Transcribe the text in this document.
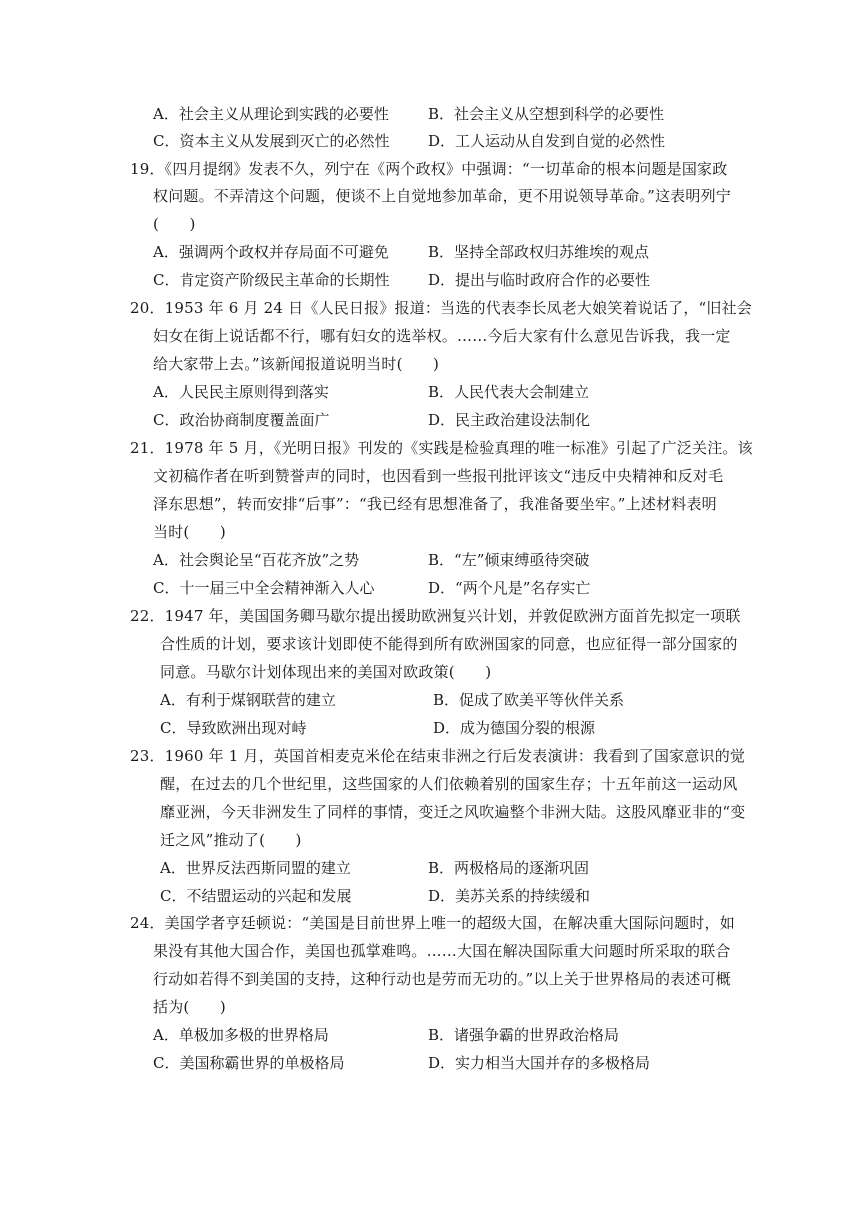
A．社会主义从理论到实践的必要性	B．社会主义从空想到科学的必要性
C．资本主义从发展到灭亡的必然性	D．工人运动从自发到自觉的必然性
19．《四月提纲》发表不久，列宁在《两个政权》中强调：“一切革命的根本问题是国家政
权问题。不弄清这个问题，便谈不上自觉地参加革命，更不用说领导革命。”这表明列宁
(　　)
A．强调两个政权并存局面不可避免	B．坚持全部政权归苏维埃的观点
C．肯定资产阶级民主革命的长期性	D．提出与临时政府合作的必要性
20．1953 年 6 月 24 日《人民日报》报道：当选的代表李长凤老大娘笑着说话了，“旧社会
妇女在街上说话都不行，哪有妇女的选举权。……今后大家有什么意见告诉我，我一定
给大家带上去。”该新闻报道说明当时(　　)
A．人民民主原则得到落实	B．人民代表大会制建立
C．政治协商制度覆盖面广	D．民主政治建设法制化
21．1978 年 5 月，《光明日报》刊发的《实践是检验真理的唯一标准》引起了广泛关注。该
文初稿作者在听到赞誉声的同时，也因看到一些报刊批评该文“违反中央精神和反对毛
泽东思想”，转而安排“后事”：“我已经有思想准备了，我准备要坐牢。”上述材料表明
当时(　　)
A．社会舆论呈“百花齐放”之势	B．“左”倾束缚亟待突破
C．十一届三中全会精神渐入人心	D．“两个凡是”名存实亡
22．1947 年，美国国务卿马歇尔提出援助欧洲复兴计划，并敦促欧洲方面首先拟定一项联
合性质的计划，要求该计划即使不能得到所有欧洲国家的同意，也应征得一部分国家的
同意。马歇尔计划体现出来的美国对欧政策(　　)
A．有利于煤钢联营的建立	B．促成了欧美平等伙伴关系
C．导致欧洲出现对峙	D．成为德国分裂的根源
23．1960 年 1 月，英国首相麦克米伦在结束非洲之行后发表演讲：我看到了国家意识的觉
醒，在过去的几个世纪里，这些国家的人们依赖着别的国家生存；十五年前这一运动风
靡亚洲，今天非洲发生了同样的事情，变迁之风吹遍整个非洲大陆。这股风靡亚非的“变
迁之风”推动了(　　)
A．世界反法西斯同盟的建立	B．两极格局的逐渐巩固
C．不结盟运动的兴起和发展	D．美苏关系的持续缓和
24．美国学者亨廷顿说：“美国是目前世界上唯一的超级大国，在解决重大国际问题时，如
果没有其他大国合作，美国也孤掌难鸣。……大国在解决国际重大问题时所采取的联合
行动如若得不到美国的支持，这种行动也是劳而无功的。”以上关于世界格局的表述可概
括为(　　)
A．单极加多极的世界格局	B．诸强争霸的世界政治格局
C．美国称霸世界的单极格局	D．实力相当大国并存的多极格局
